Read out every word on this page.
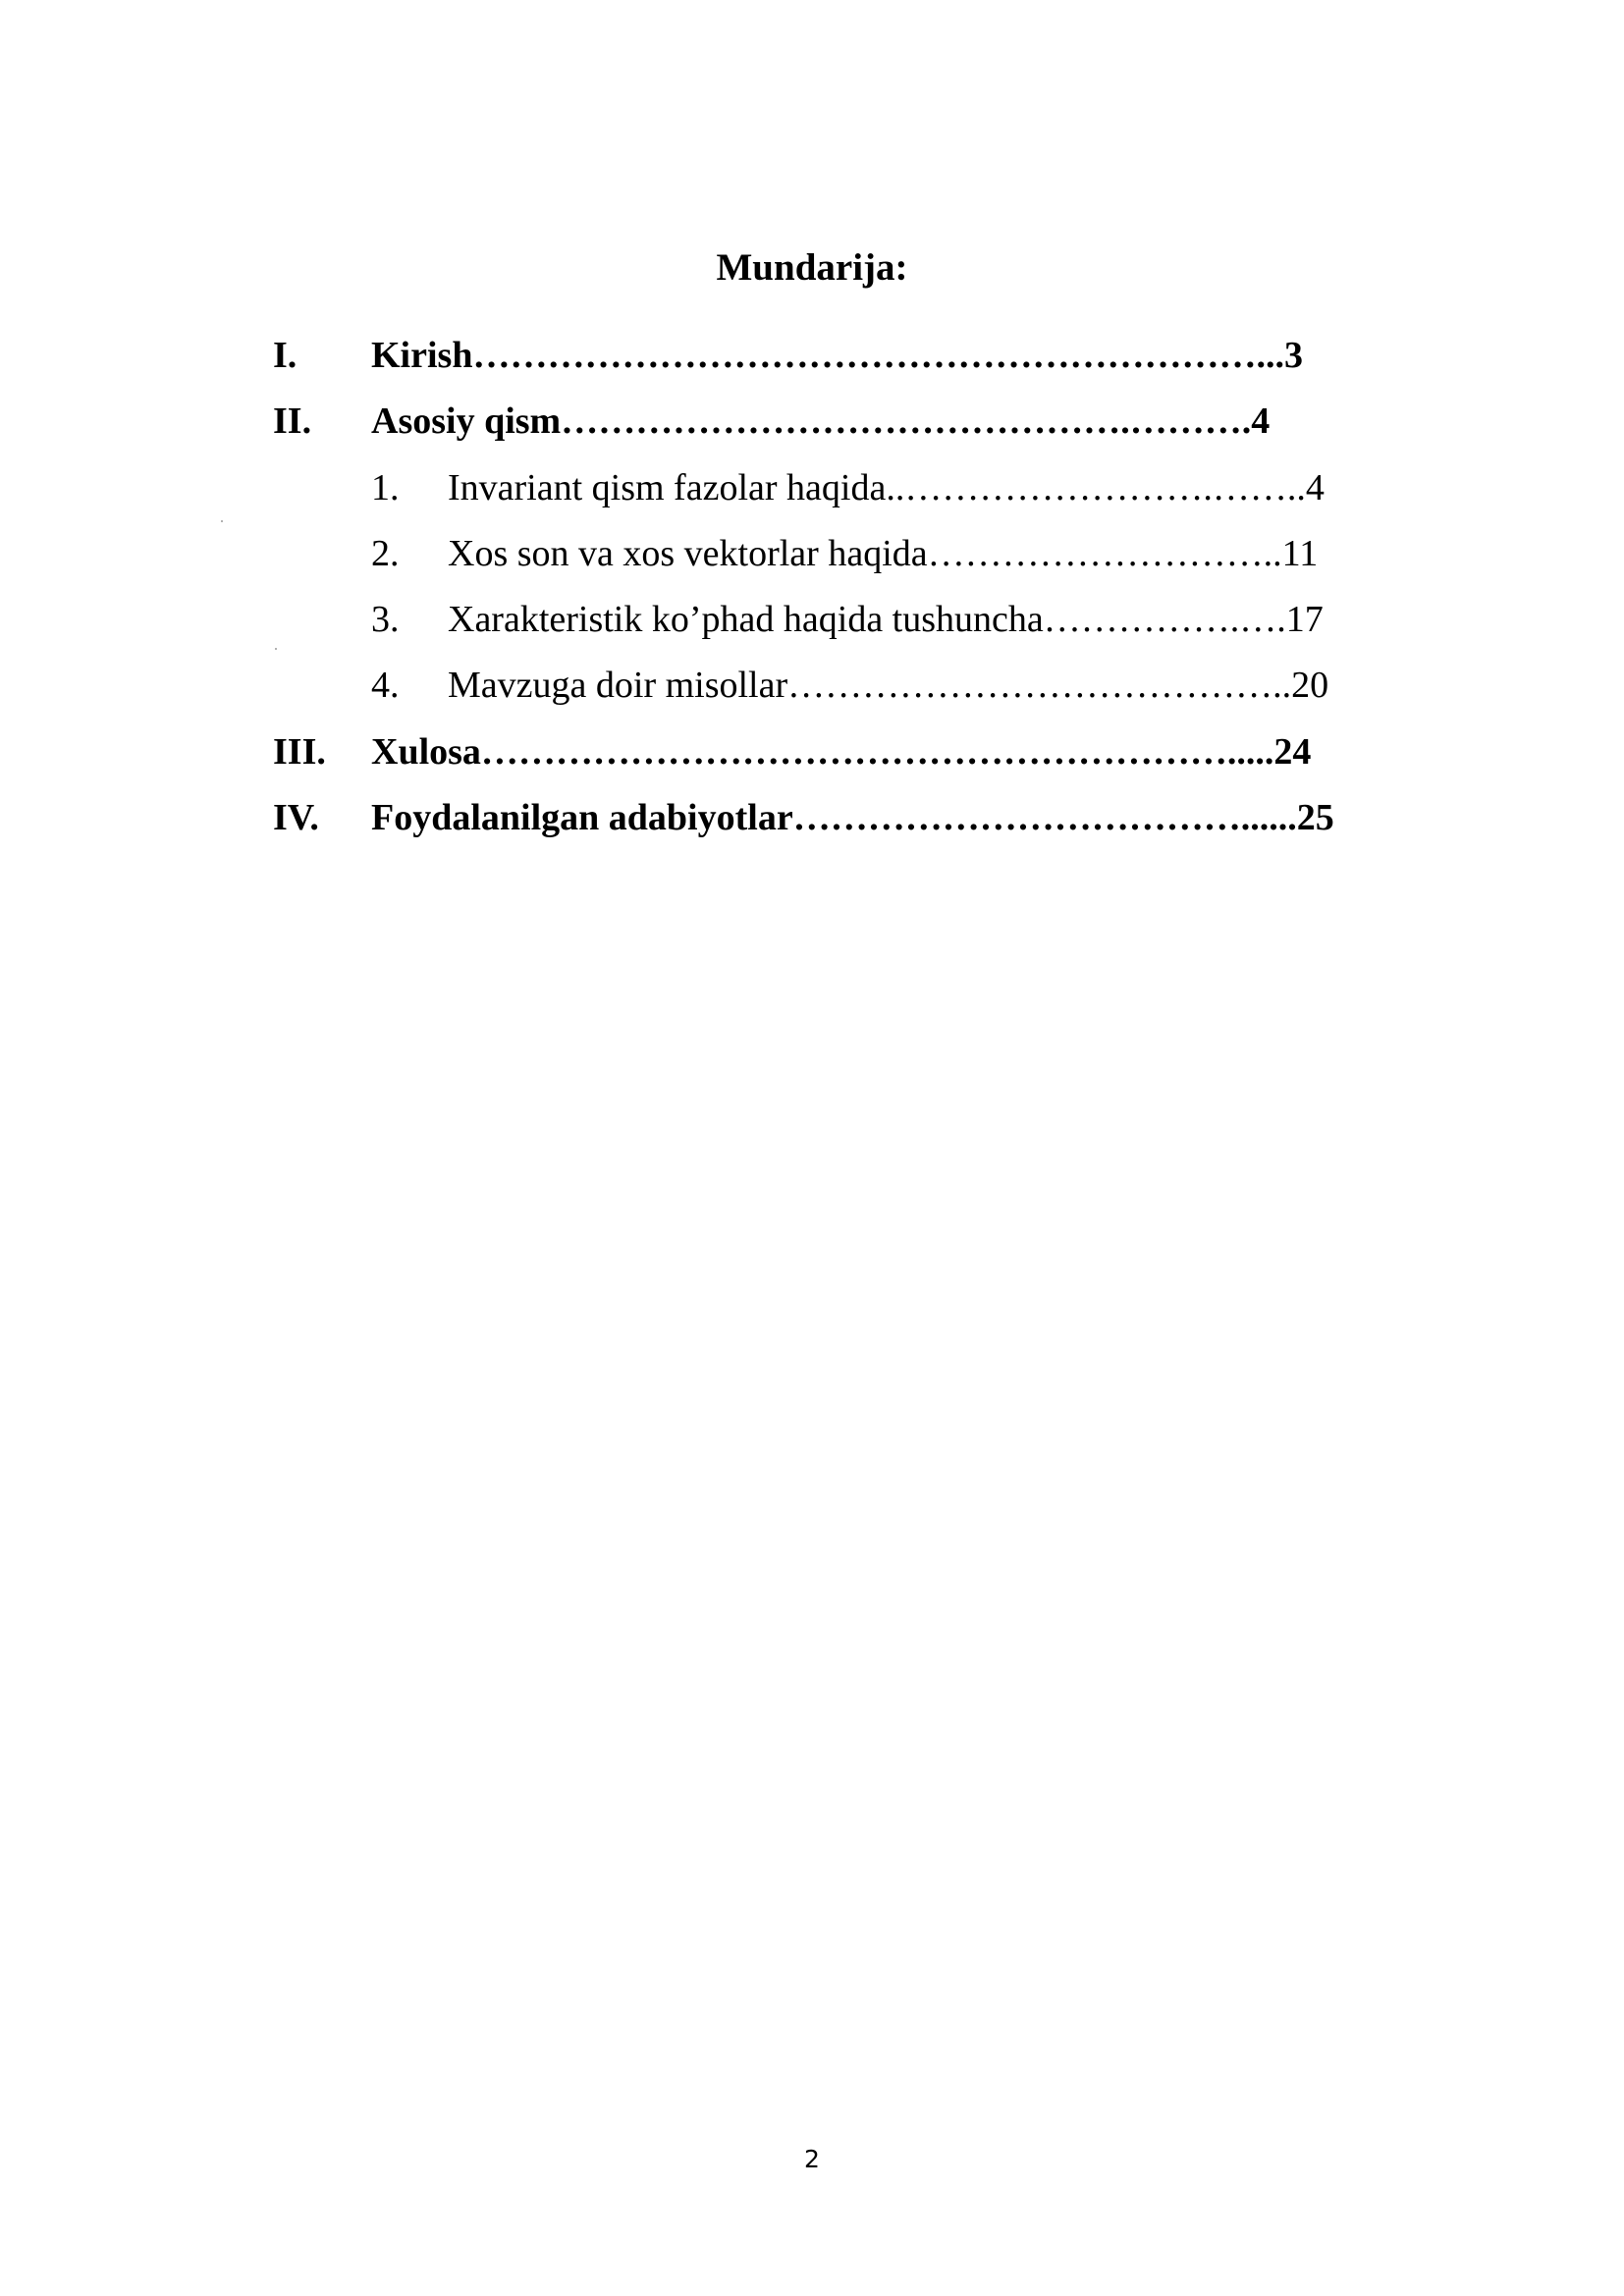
Mundarija:
I. Kirish………………………………………………………...3
II. Asosiy qism……………………………………….……….4
1. Invariant qism fazolar haqida..…………………….……..4
2. Xos son va xos vektorlar haqida………………………..11
3. Xarakteristik ko’phad haqida tushuncha…………….….17
4. Mavzuga doir misollar…………………………………..20
III. Xulosa…………………………………………………….....24
IV. Foydalanilgan adabiyotlar………………………………......25
2
